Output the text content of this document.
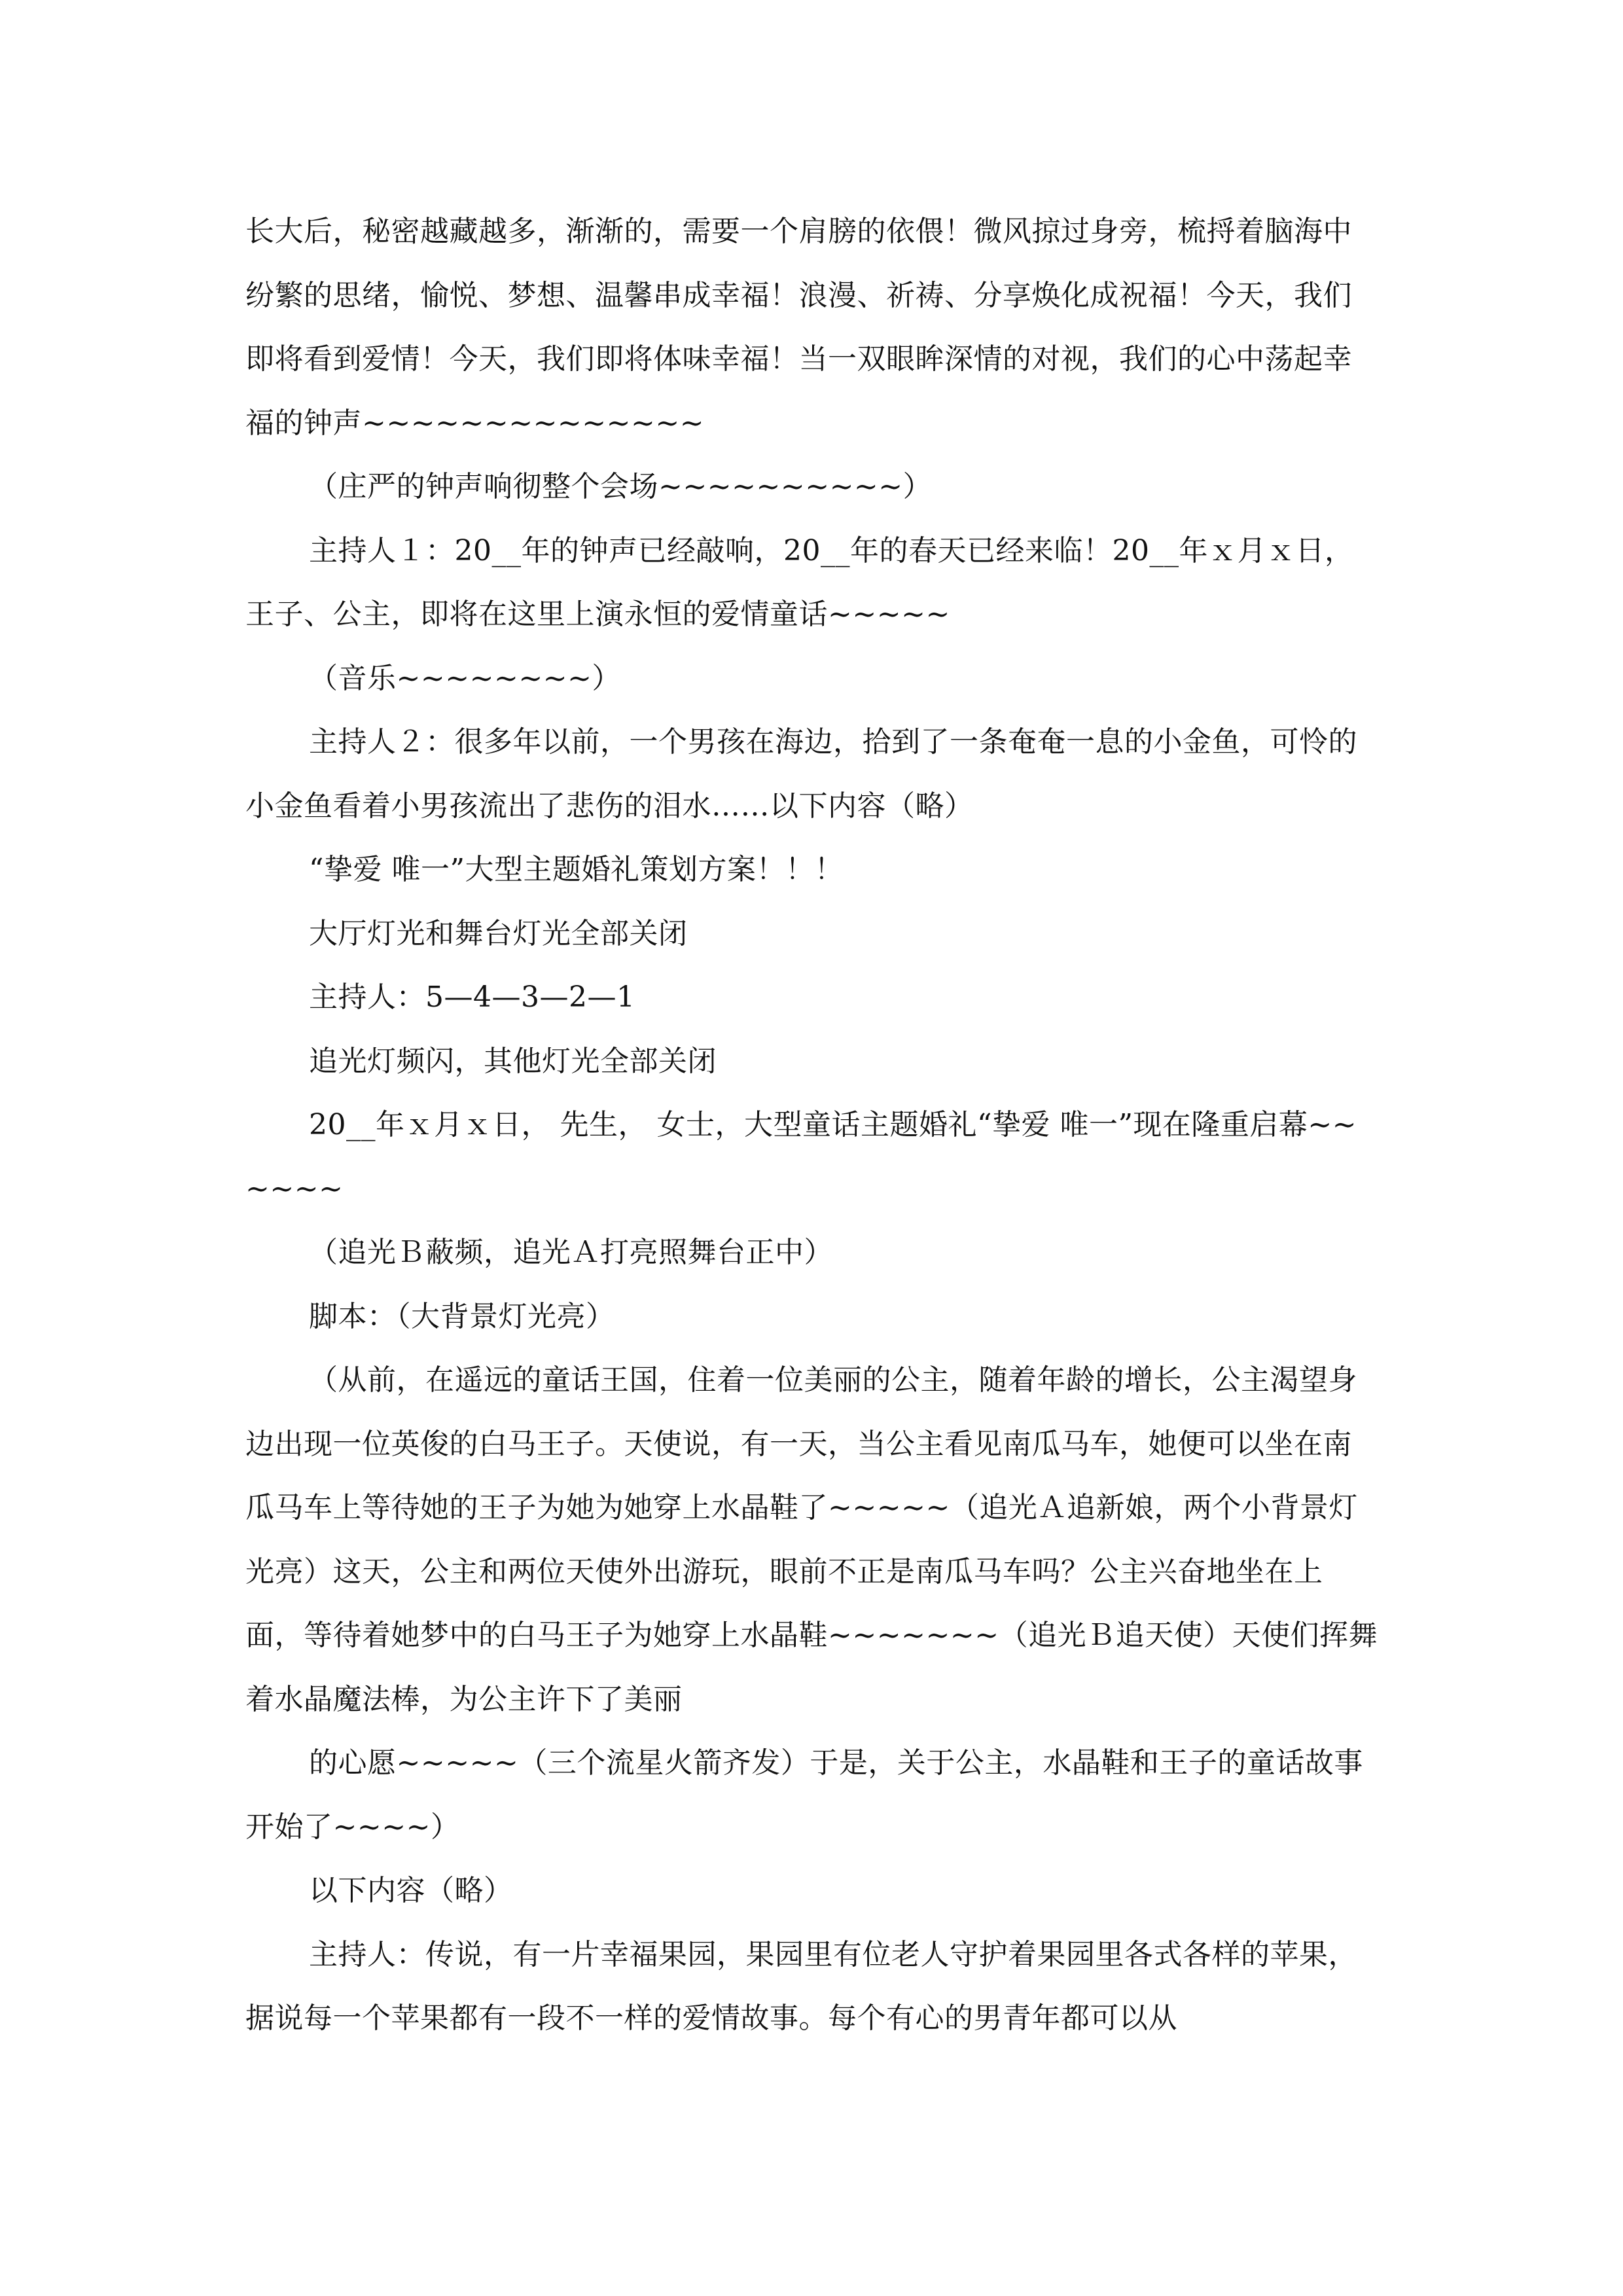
长大后，秘密越藏越多，渐渐的，需要一个肩膀的依偎！微风掠过身旁，梳捋着脑海中纷繁的思绪，愉悦、梦想、温馨串成幸福！浪漫、祈祷、分享焕化成祝福！今天，我们即将看到爱情！今天，我们即将体味幸福！当一双眼眸深情的对视，我们的心中荡起幸福的钟声~~~~~~~~~~~~~~

（庄严的钟声响彻整个会场~~~~~~~~~~）

主持人１：20__年的钟声已经敲响，20__年的春天已经来临！20__年ｘ月ｘ日，王子、公主，即将在这里上演永恒的爱情童话~~~~~

（音乐~~~~~~~~）

主持人２：很多年以前，一个男孩在海边，拾到了一条奄奄一息的小金鱼，可怜的小金鱼看着小男孩流出了悲伤的泪水……以下内容（略）

“挚爱 唯一”大型主题婚礼策划方案！！！

大厅灯光和舞台灯光全部关闭

主持人：5—4—3—2—1

追光灯频闪，其他灯光全部关闭

20__年ｘ月ｘ日， 先生， 女士，大型童话主题婚礼“挚爱 唯一”现在隆重启幕~~~~~~

（追光Ｂ蔽频，追光Ａ打亮照舞台正中）

脚本：（大背景灯光亮）

（从前，在遥远的童话王国，住着一位美丽的公主，随着年龄的增长，公主渴望身边出现一位英俊的白马王子。天使说，有一天，当公主看见南瓜马车，她便可以坐在南瓜马车上等待她的王子为她为她穿上水晶鞋了~~~~~（追光Ａ追新娘，两个小背景灯光亮）这天，公主和两位天使外出游玩，眼前不正是南瓜马车吗？公主兴奋地坐在上面，等待着她梦中的白马王子为她穿上水晶鞋~~~~~~~（追光Ｂ追天使）天使们挥舞着水晶魔法棒，为公主许下了美丽

的心愿~~~~~（三个流星火箭齐发）于是，关于公主，水晶鞋和王子的童话故事开始了~~~~）

以下内容（略）

主持人：传说，有一片幸福果园，果园里有位老人守护着果园里各式各样的苹果，据说每一个苹果都有一段不一样的爱情故事。每个有心的男青年都可以从
